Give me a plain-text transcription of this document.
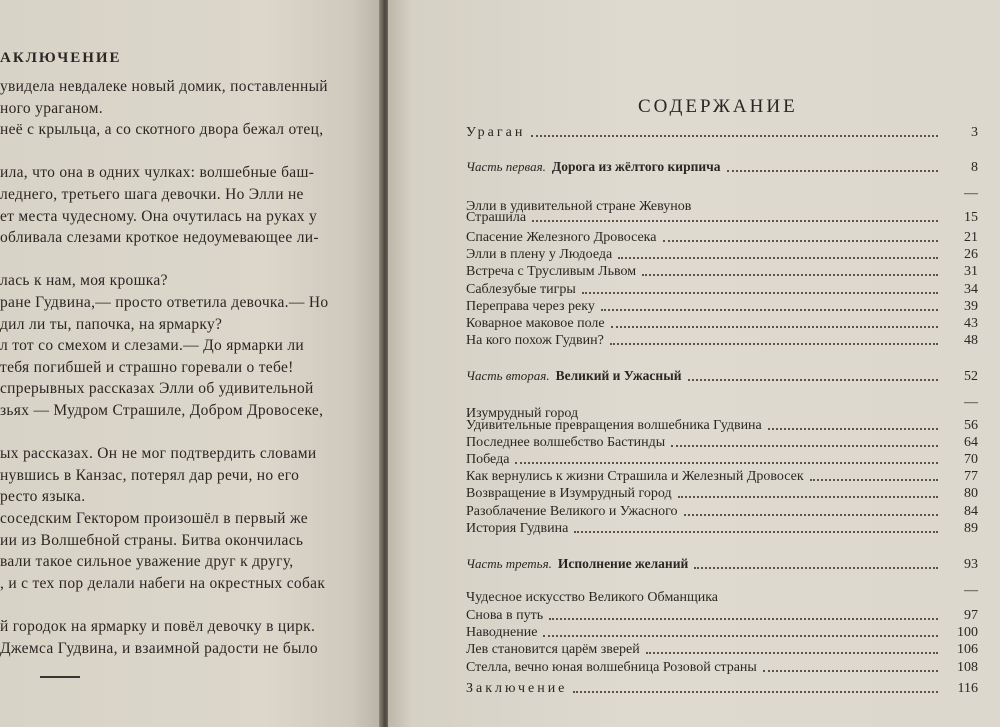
АКЛЮЧЕНИЕ
увидела невдалеке новый домик, поставленный
ного ураганом.
неё с крыльца, а со скотного двора бежал отец,
ила, что она в одних чулках: волшебные баш-
леднего, третьего шага девочки. Но Элли не
ет места чудесному. Она очутилась на руках у
обливала слезами кроткое недоумевающее ли-
лась к нам, моя крошка?
ране Гудвина,— просто ответила девочка.— Но
дил ли ты, папочка, на ярмарку?
л тот со смехом и слезами.— До ярмарки ли
тебя погибшей и страшно горевали о тебе!
спрерывных рассказах Элли об удивительной
зьях — Мудром Страшиле, Добром Дровосеке,
ых рассказах. Он не мог подтвердить словами
нувшись в Канзас, потерял дар речи, но его
ресто языка.
соседским Гектором произошёл в первый же
ии из Волшебной страны. Битва окончилась
вали такое сильное уважение друг к другу,
, и с тех пор делали набеги на окрестных собак
й городок на ярмарку и повёл девочку в цирк.
Джемса Гудвина, и взаимной радости не было
СОДЕРЖАНИЕ
Ураган	3
Часть первая. Дорога из жёлтого кирпича	8
—
Элли в удивительной стране Жевунов
Страшила	15
Спасение Железного Дровосека	21
Элли в плену у Людоеда	26
Встреча с Трусливым Львом	31
Саблезубые тигры	34
Переправа через реку	39
Коварное маковое поле	43
На кого похож Гудвин?	48
Часть вторая. Великий и Ужасный	52
—
Изумрудный город
Удивительные превращения волшебника Гудвина	56
Последнее волшебство Бастинды	64
Победа	70
Как вернулись к жизни Страшила и Железный Дровосек	77
Возвращение в Изумрудный город	80
Разоблачение Великого и Ужасного	84
История Гудвина	89
Часть третья. Исполнение желаний	93
—
Чудесное искусство Великого Обманщика
Снова в путь	97
Наводнение	100
Лев становится царём зверей	106
Стелла, вечно юная волшебница Розовой страны	108
Заключение	116
